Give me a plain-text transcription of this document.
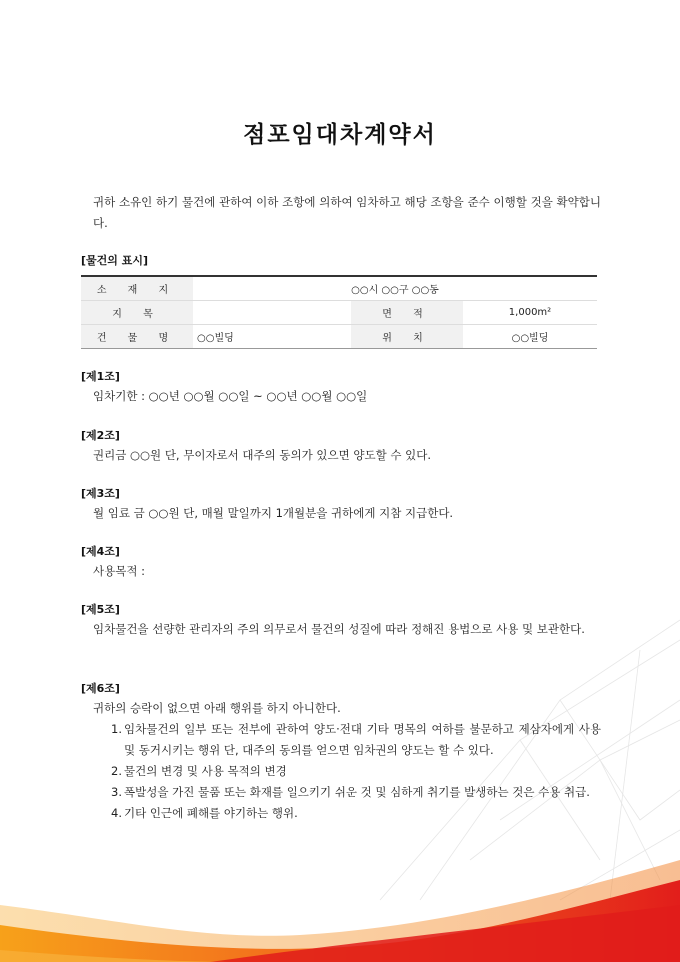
점포임대차계약서
귀하 소유인 하기 물건에 관하여 이하 조항에 의하여 임차하고 해당 조항을 준수 이행할 것을 확약합니다.
[물건의 표시]
소 재 지	○○시 ○○구 ○○동		
지 목		면 적	1,000m²
건 물 명	○○빌딩	위 치	○○빌딩
[제1조]
임차기한 : ○○년 ○○월 ○○일 ~ ○○년 ○○월 ○○일
[제2조]
권리금 ○○원 단, 무이자로서 대주의 동의가 있으면 양도할 수 있다.
[제3조]
월 임료 금 ○○원 단, 매월 말일까지 1개월분을 귀하에게 지참 지급한다.
[제4조]
사용목적 :
[제5조]
임차물건을 선량한 관리자의 주의 의무로서 물건의 성질에 따라 정해진 용법으로 사용 및 보관한다.
[제6조]
귀하의 승락이 없으면 아래 행위를 하지 아니한다.
1. 임차물건의 일부 또는 전부에 관하여 양도·전대 기타 명목의 여하를 불문하고 제삼자에게 사용 및 동거시키는 행위 단, 대주의 동의를 얻으면 임차권의 양도는 할 수 있다.
2. 물건의 변경 및 사용 목적의 변경
3. 폭발성을 가진 물품 또는 화재를 일으키기 쉬운 것 및 심하게 취기를 발생하는 것은 수용 취급.
4. 기타 인근에 폐해를 야기하는 행위.
